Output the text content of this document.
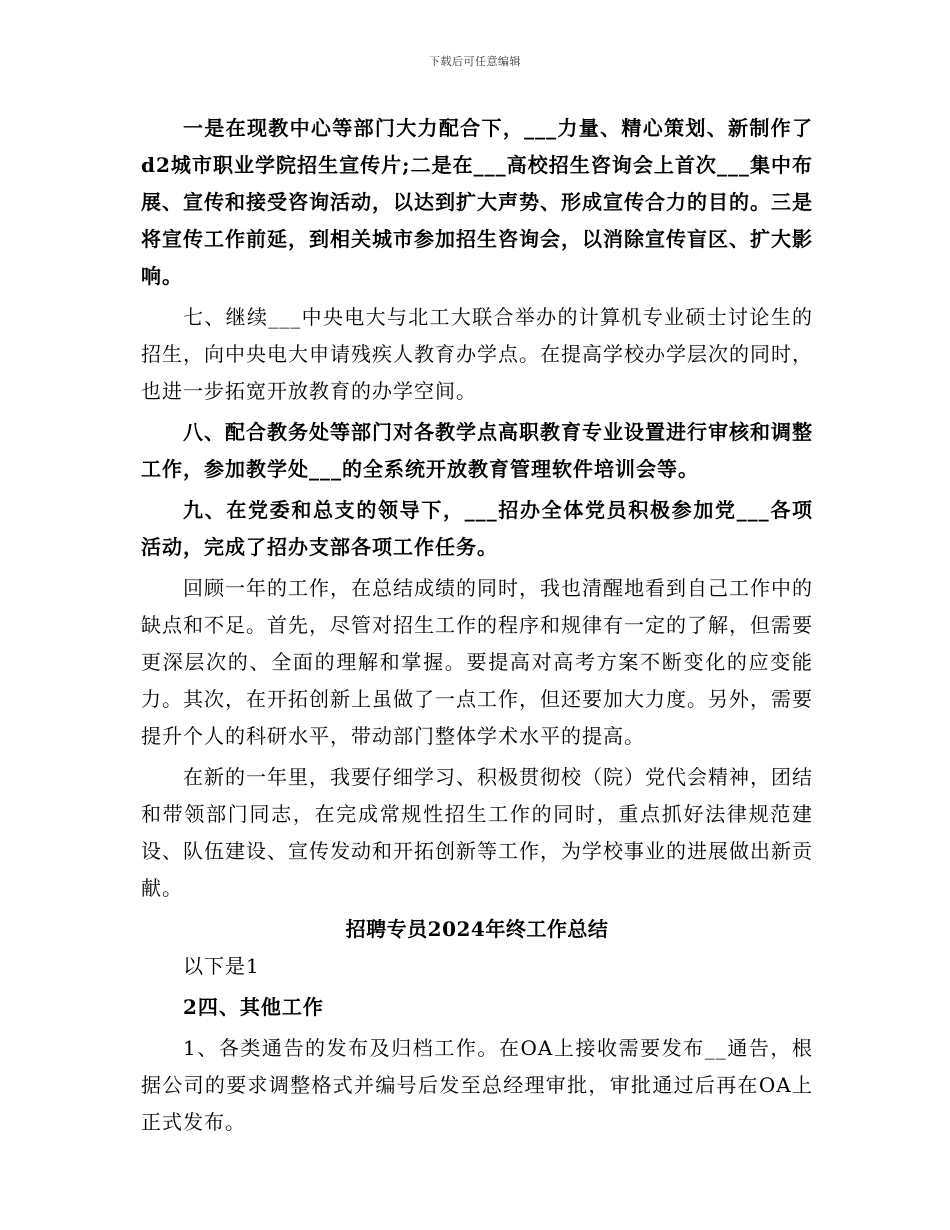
下载后可任意编辑

一是在现教中心等部门大力配合下，___力量、精心策划、新制作了d2城市职业学院招生宣传片;二是在___高校招生咨询会上首次___集中布展、宣传和接受咨询活动，以达到扩大声势、形成宣传合力的目的。三是将宣传工作前延，到相关城市参加招生咨询会，以消除宣传盲区、扩大影响。

七、继续___中央电大与北工大联合举办的计算机专业硕士讨论生的招生，向中央电大申请残疾人教育办学点。在提高学校办学层次的同时，也进一步拓宽开放教育的办学空间。

八、配合教务处等部门对各教学点高职教育专业设置进行审核和调整工作，参加教学处___的全系统开放教育管理软件培训会等。

九、在党委和总支的领导下，___招办全体党员积极参加党___各项活动，完成了招办支部各项工作任务。

回顾一年的工作，在总结成绩的同时，我也清醒地看到自己工作中的缺点和不足。首先，尽管对招生工作的程序和规律有一定的了解，但需要更深层次的、全面的理解和掌握。要提高对高考方案不断变化的应变能力。其次，在开拓创新上虽做了一点工作，但还要加大力度。另外，需要提升个人的科研水平，带动部门整体学术水平的提高。

在新的一年里，我要仔细学习、积极贯彻校（院）党代会精神，团结和带领部门同志，在完成常规性招生工作的同时，重点抓好法律规范建设、队伍建设、宣传发动和开拓创新等工作，为学校事业的进展做出新贡献。

招聘专员2024年终工作总结

以下是1

2四、其他工作

1、各类通告的发布及归档工作。在OA上接收需要发布__通告，根据公司的要求调整格式并编号后发至总经理审批，审批通过后再在OA上正式发布。
